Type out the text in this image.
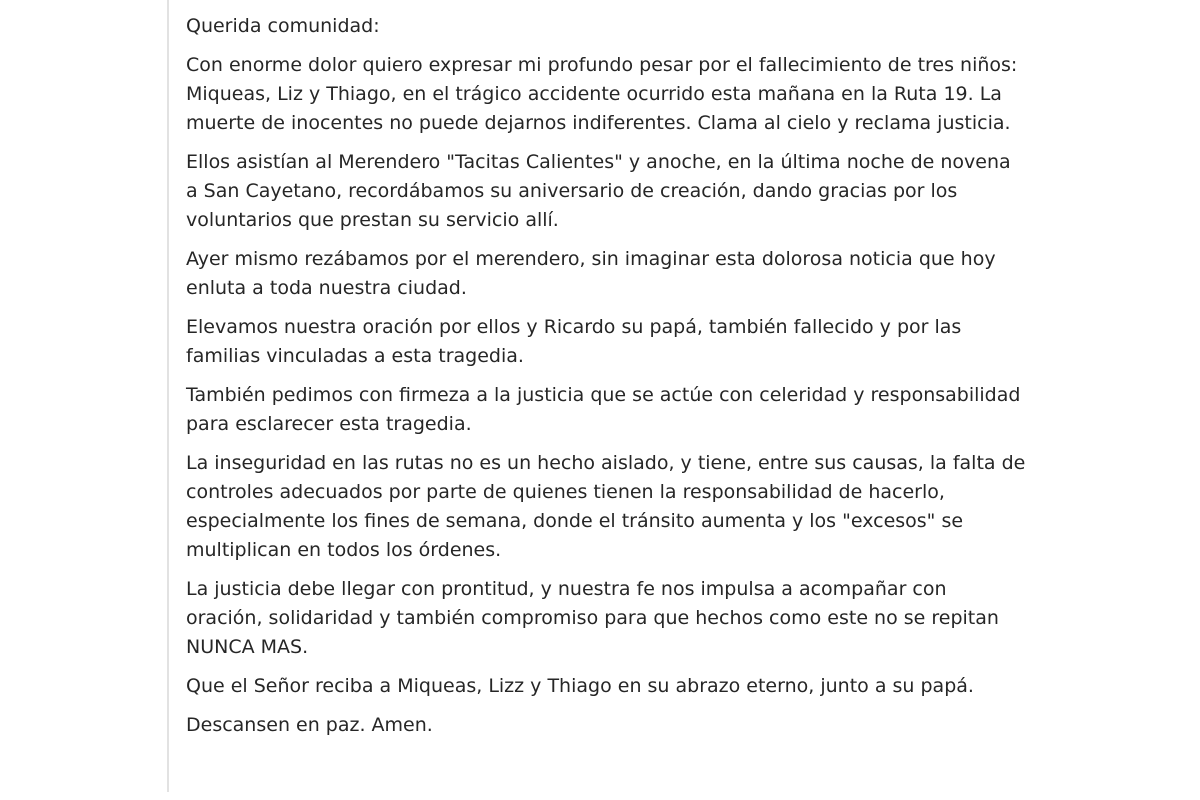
Querida comunidad:

Con enorme dolor quiero expresar mi profundo pesar por el fallecimiento de tres niños: Miqueas, Liz y Thiago, en el trágico accidente ocurrido esta mañana en la Ruta 19. La muerte de inocentes no puede dejarnos indiferentes. Clama al cielo y reclama justicia.

Ellos asistían al Merendero "Tacitas Calientes" y anoche, en la última noche de novena a San Cayetano, recordábamos su aniversario de creación, dando gracias por los voluntarios que prestan su servicio allí.

Ayer mismo rezábamos por el merendero, sin imaginar esta dolorosa noticia que hoy enluta a toda nuestra ciudad.

Elevamos nuestra oración por ellos y Ricardo su papá, también fallecido y por las familias vinculadas a esta tragedia.

También pedimos con firmeza a la justicia que se actúe con celeridad y responsabilidad para esclarecer esta tragedia.

La inseguridad en las rutas no es un hecho aislado, y tiene, entre sus causas, la falta de controles adecuados por parte de quienes tienen la responsabilidad de hacerlo, especialmente los fines de semana, donde el tránsito aumenta y los "excesos" se multiplican en todos los órdenes.

La justicia debe llegar con prontitud, y nuestra fe nos impulsa a acompañar con oración, solidaridad y también compromiso para que hechos como este no se repitan NUNCA MAS.

Que el Señor reciba a Miqueas, Lizz y Thiago en su abrazo eterno, junto a su papá.

Descansen en paz. Amen.
